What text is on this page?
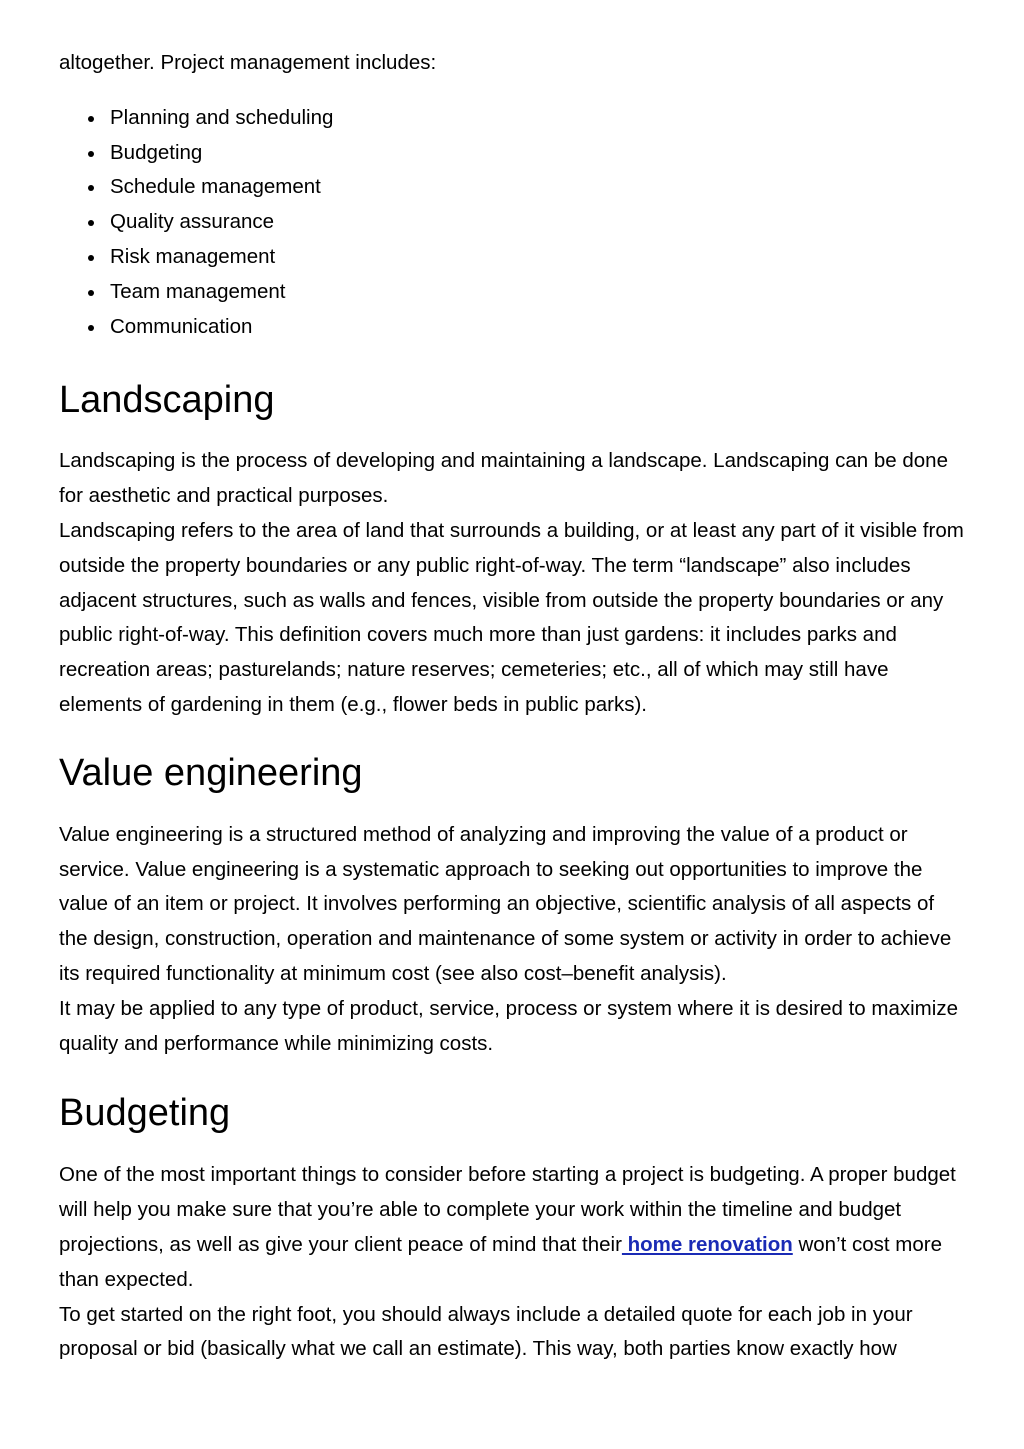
altogether. Project management includes:

Planning and scheduling
Budgeting
Schedule management
Quality assurance
Risk management
Team management
Communication
Landscaping

Landscaping is the process of developing and maintaining a landscape. Landscaping can be done for aesthetic and practical purposes.

Landscaping refers to the area of land that surrounds a building, or at least any part of it visible from outside the property boundaries or any public right-of-way. The term “landscape” also includes adjacent structures, such as walls and fences, visible from outside the property boundaries or any public right-of-way. This definition covers much more than just gardens: it includes parks and recreation areas; pasturelands; nature reserves; cemeteries; etc., all of which may still have elements of gardening in them (e.g., flower beds in public parks).

Value engineering

Value engineering is a structured method of analyzing and improving the value of a product or service. Value engineering is a systematic approach to seeking out opportunities to improve the value of an item or project. It involves performing an objective, scientific analysis of all aspects of the design, construction, operation and maintenance of some system or activity in order to achieve its required functionality at minimum cost (see also cost–benefit analysis).

It may be applied to any type of product, service, process or system where it is desired to maximize quality and performance while minimizing costs.

Budgeting

One of the most important things to consider before starting a project is budgeting. A proper budget will help you make sure that you’re able to complete your work within the timeline and budget projections, as well as give your client peace of mind that their home renovation won’t cost more than expected.

To get started on the right foot, you should always include a detailed quote for each job in your proposal or bid (basically what we call an estimate). This way, both parties know exactly how
